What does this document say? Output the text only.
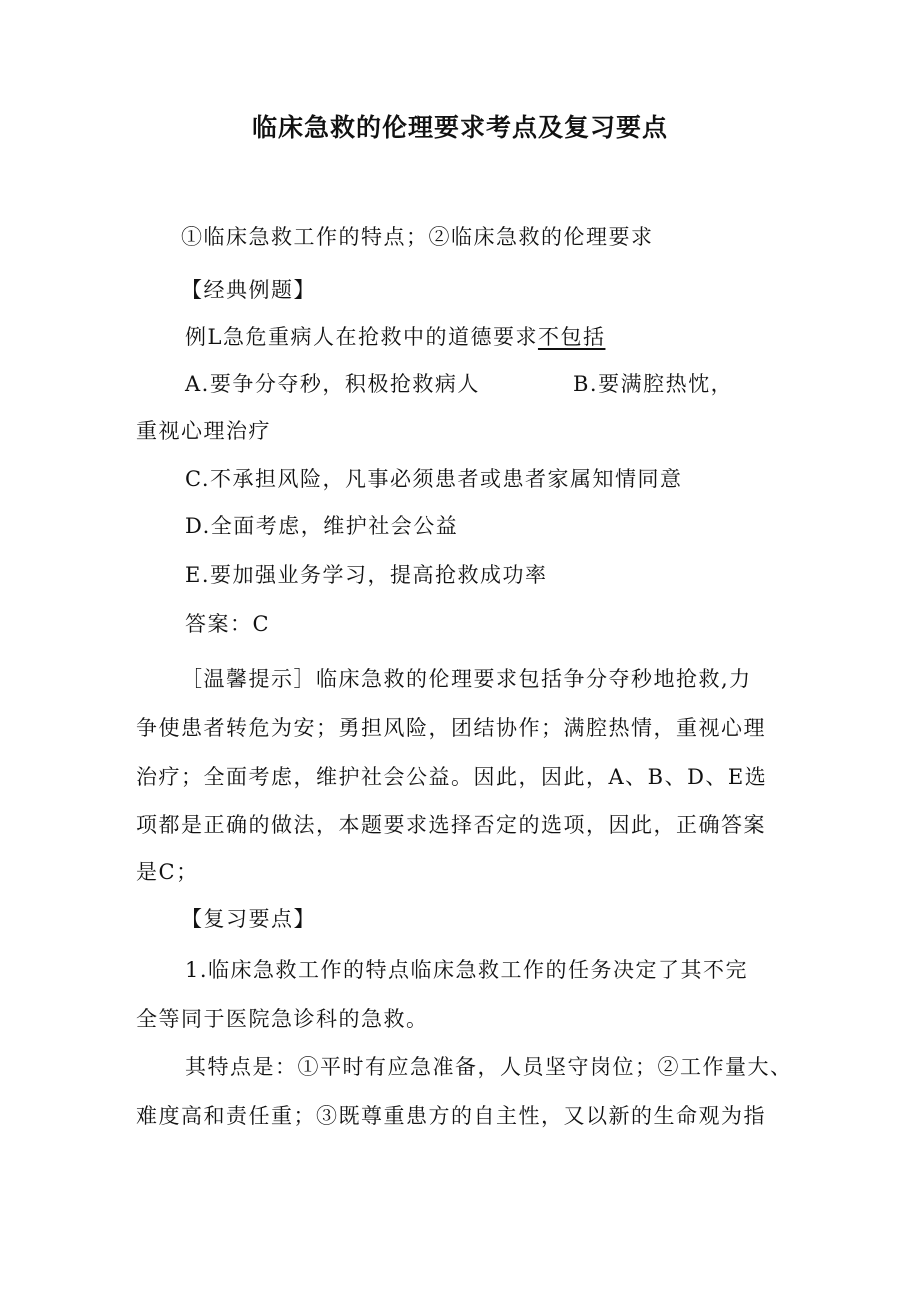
临床急救的伦理要求考点及复习要点
①临床急救工作的特点；②临床急救的伦理要求
【经典例题】
例L急危重病人在抢救中的道德要求不包括
A.要争分夺秒，积极抢救病人	B.要满腔热忱，
重视心理治疗
C.不承担风险，凡事必须患者或患者家属知情同意
D.全面考虑，维护社会公益
E.要加强业务学习，提高抢救成功率
答案：C
［温馨提示］临床急救的伦理要求包括争分夺秒地抢救,力
争使患者转危为安；勇担风险，团结协作；满腔热情，重视心理
治疗；全面考虑，维护社会公益。因此，因此，A、B、D、E选
项都是正确的做法，本题要求选择否定的选项，因此，正确答案
是C；
【复习要点】
1.临床急救工作的特点临床急救工作的任务决定了其不完
全等同于医院急诊科的急救。
其特点是：①平时有应急准备，人员坚守岗位；②工作量大、
难度高和责任重；③既尊重患方的自主性，又以新的生命观为指
